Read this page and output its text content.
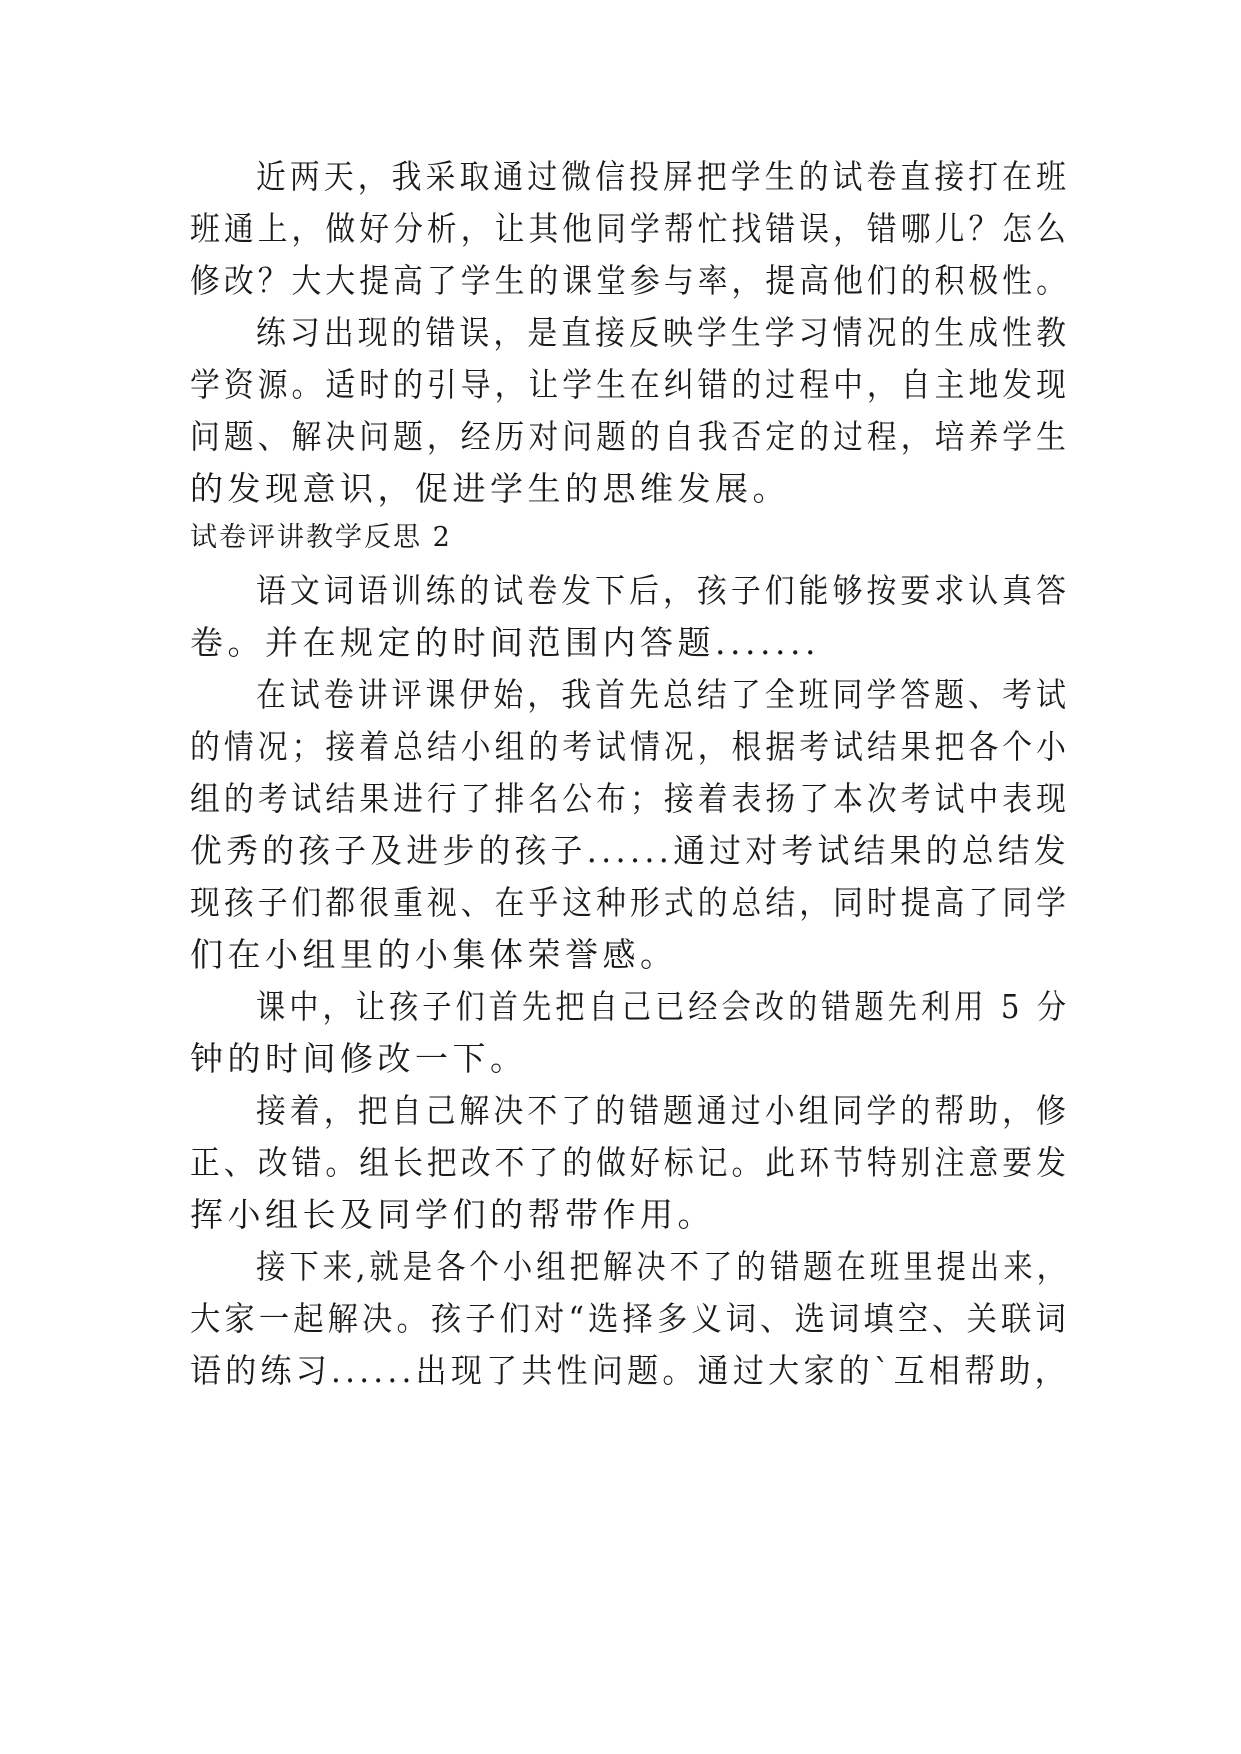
近两天，我采取通过微信投屏把学生的试卷直接打在班
班通上，做好分析，让其他同学帮忙找错误，错哪儿？怎么
修改？大大提高了学生的课堂参与率，提高他们的积极性。
练习出现的错误，是直接反映学生学习情况的生成性教
学资源。适时的引导，让学生在纠错的过程中，自主地发现
问题、解决问题，经历对问题的自我否定的过程，培养学生
的发现意识，促进学生的思维发展。
试卷评讲教学反思 2
语文词语训练的试卷发下后，孩子们能够按要求认真答
卷。并在规定的时间范围内答题.......
在试卷讲评课伊始，我首先总结了全班同学答题、考试
的情况；接着总结小组的考试情况，根据考试结果把各个小
组的考试结果进行了排名公布；接着表扬了本次考试中表现
优秀的孩子及进步的孩子......通过对考试结果的总结发
现孩子们都很重视、在乎这种形式的总结，同时提高了同学
们在小组里的小集体荣誉感。
课中，让孩子们首先把自己已经会改的错题先利用 5 分
钟的时间修改一下。
接着，把自己解决不了的错题通过小组同学的帮助，修
正、改错。组长把改不了的做好标记。此环节特别注意要发
挥小组长及同学们的帮带作用。
接下来,就是各个小组把解决不了的错题在班里提出来，
大家一起解决。孩子们对“选择多义词、选词填空、关联词
语的练习......出现了共性问题。通过大家的`互相帮助，
